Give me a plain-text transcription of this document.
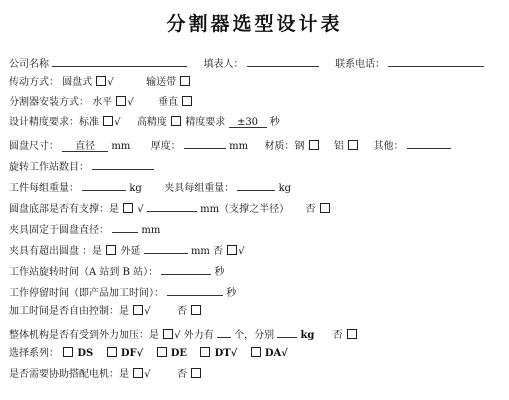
分割器选型设计表
公司名称	填表人：	联系电话：
传动方式： 圆盘式 √	输送带
分割器安装方式： 水平 √ 垂直
设计精度要求：标准 √ 高精度 精度要求 ±30 秒
圆盘尺寸： 直径 mm 厚度：	mm 材质：钢	铝	其他：
旋转工作站数目：
工件每组重量：	kg 夹具每组重量：	kg
圆盘底部是否有支撑：是 √	mm（支撑之半径） 否
夹具固定于圆盘直径：	mm
夹具有超出圆盘 ：是 外延	mm 否 √
工作站旋转时间（A 站到 B 站）：	秒
工作停留时间（即产品加工时间）：	秒
加工时间是否自由控制：是 √	否
整体机构是否有受到外力加压：是 √ 外力有 个，分别	kg 否
选择系列： DS	DF√	DE	DT√	DA√
是否需要协助搭配电机：是 √	否
